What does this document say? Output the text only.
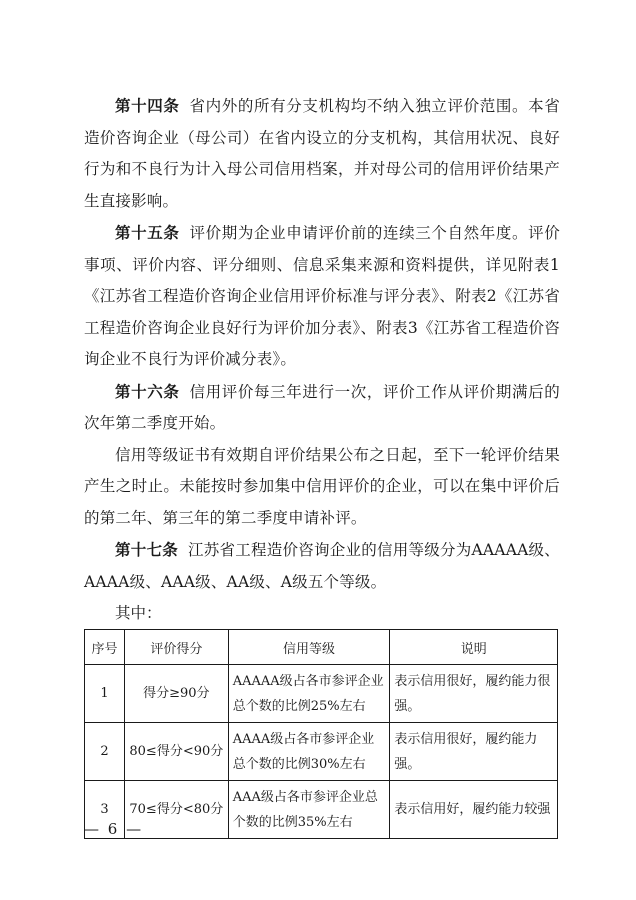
第十四条 省内外的所有分支机构均不纳入独立评价范围。本省造价咨询企业（母公司）在省内设立的分支机构，其信用状况、良好行为和不良行为计入母公司信用档案，并对母公司的信用评价结果产生直接影响。

第十五条 评价期为企业申请评价前的连续三个自然年度。评价事项、评价内容、评分细则、信息采集来源和资料提供，详见附表1《江苏省工程造价咨询企业信用评价标准与评分表》、附表2《江苏省工程造价咨询企业良好行为评价加分表》、附表3《江苏省工程造价咨询企业不良行为评价减分表》。

第十六条 信用评价每三年进行一次，评价工作从评价期满后的次年第二季度开始。

信用等级证书有效期自评价结果公布之日起，至下一轮评价结果产生之时止。未能按时参加集中信用评价的企业，可以在集中评价后的第二年、第三年的第二季度申请补评。

第十七条 江苏省工程造价咨询企业的信用等级分为AAAAA级、AAAA级、AAA级、AA级、A级五个等级。

其中：

序号	评价得分	信用等级	说明
1	得分≥90分	AAAAA级占各市参评企业总个数的比例25%左右	表示信用很好，履约能力很强。
2	80≤得分<90分	AAAA级占各市参评企业总个数的比例30%左右	表示信用很好，履约能力强。
3	70≤得分<80分	AAA级占各市参评企业总个数的比例35%左右	表示信用好，履约能力较强
— 6 —
